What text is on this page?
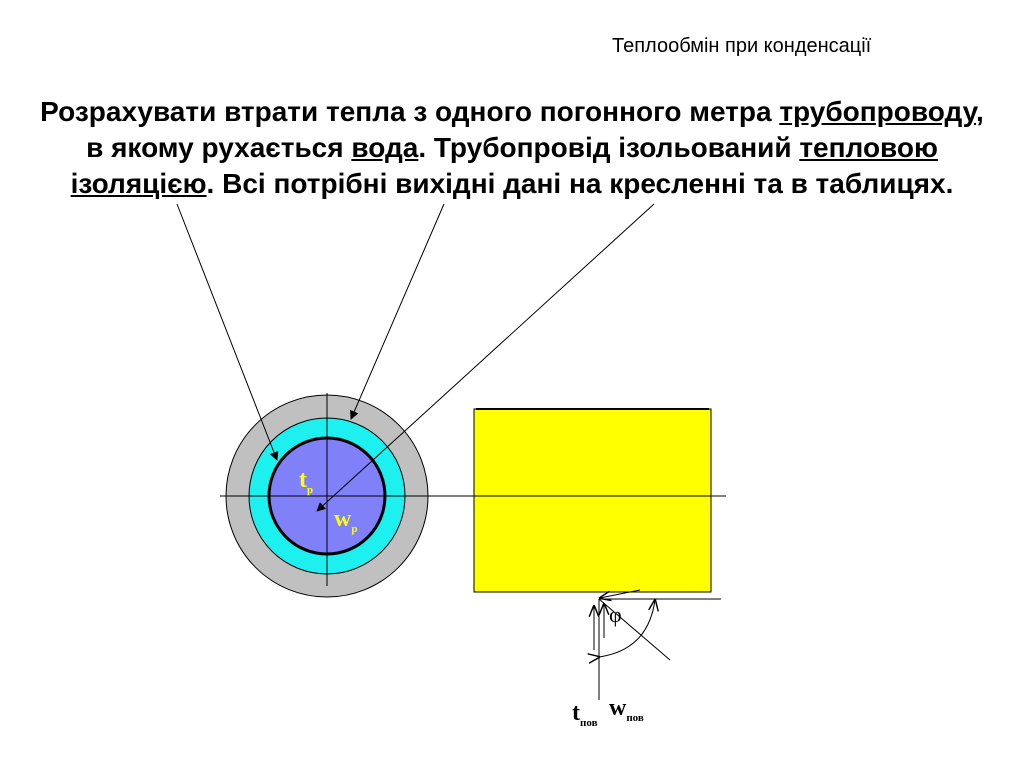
Теплообмін при конденсації
Розрахувати втрати тепла з одного погонного метра трубопроводу, в якому рухається вода. Трубопровід ізольований тепловою ізоляцією. Всі потрібні вихідні дані на кресленні та в таблицях.
φ
$t_р$
$w_р$
$t_{пов}$
$w_{пов}$
